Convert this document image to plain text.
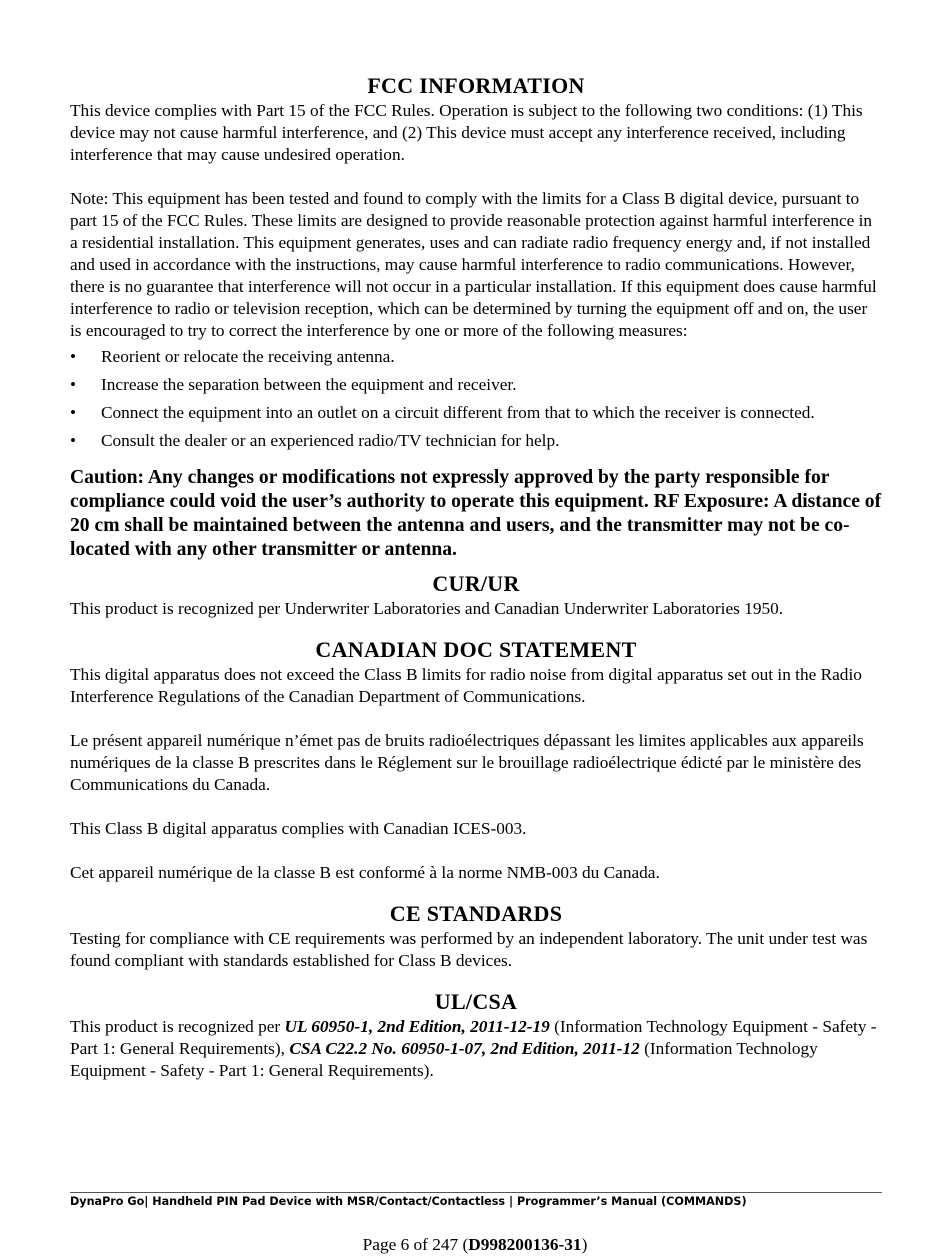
FCC INFORMATION

This device complies with Part 15 of the FCC Rules. Operation is subject to the following two conditions: (1) This device may not cause harmful interference, and (2) This device must accept any interference received, including interference that may cause undesired operation.

Note: This equipment has been tested and found to comply with the limits for a Class B digital device, pursuant to part 15 of the FCC Rules. These limits are designed to provide reasonable protection against harmful interference in a residential installation. This equipment generates, uses and can radiate radio frequency energy and, if not installed and used in accordance with the instructions, may cause harmful interference to radio communications. However, there is no guarantee that interference will not occur in a particular installation. If this equipment does cause harmful interference to radio or television reception, which can be determined by turning the equipment off and on, the user is encouraged to try to correct the interference by one or more of the following measures:

• Reorient or relocate the receiving antenna.
• Increase the separation between the equipment and receiver.
• Connect the equipment into an outlet on a circuit different from that to which the receiver is connected.
• Consult the dealer or an experienced radio/TV technician for help.

Caution: Any changes or modifications not expressly approved by the party responsible for compliance could void the user’s authority to operate this equipment. RF Exposure: A distance of 20 cm shall be maintained between the antenna and users, and the transmitter may not be co-located with any other transmitter or antenna.

CUR/UR

This product is recognized per Underwriter Laboratories and Canadian Underwriter Laboratories 1950.

CANADIAN DOC STATEMENT

This digital apparatus does not exceed the Class B limits for radio noise from digital apparatus set out in the Radio Interference Regulations of the Canadian Department of Communications.

Le présent appareil numérique n’émet pas de bruits radioélectriques dépassant les limites applicables aux appareils numériques de la classe B prescrites dans le Réglement sur le brouillage radioélectrique édicté par le ministère des Communications du Canada.

This Class B digital apparatus complies with Canadian ICES-003.

Cet appareil numérique de la classe B est conformé à la norme NMB-003 du Canada.

CE STANDARDS

Testing for compliance with CE requirements was performed by an independent laboratory. The unit under test was found compliant with standards established for Class B devices.

UL/CSA

This product is recognized per UL 60950-1, 2nd Edition, 2011-12-19 (Information Technology Equipment - Safety - Part 1: General Requirements), CSA C22.2 No. 60950-1-07, 2nd Edition, 2011-12 (Information Technology Equipment - Safety - Part 1: General Requirements).

DynaPro Go| Handheld PIN Pad Device with MSR/Contact/Contactless | Programmer’s Manual (COMMANDS)
Page 6 of 247 (D998200136-31)
